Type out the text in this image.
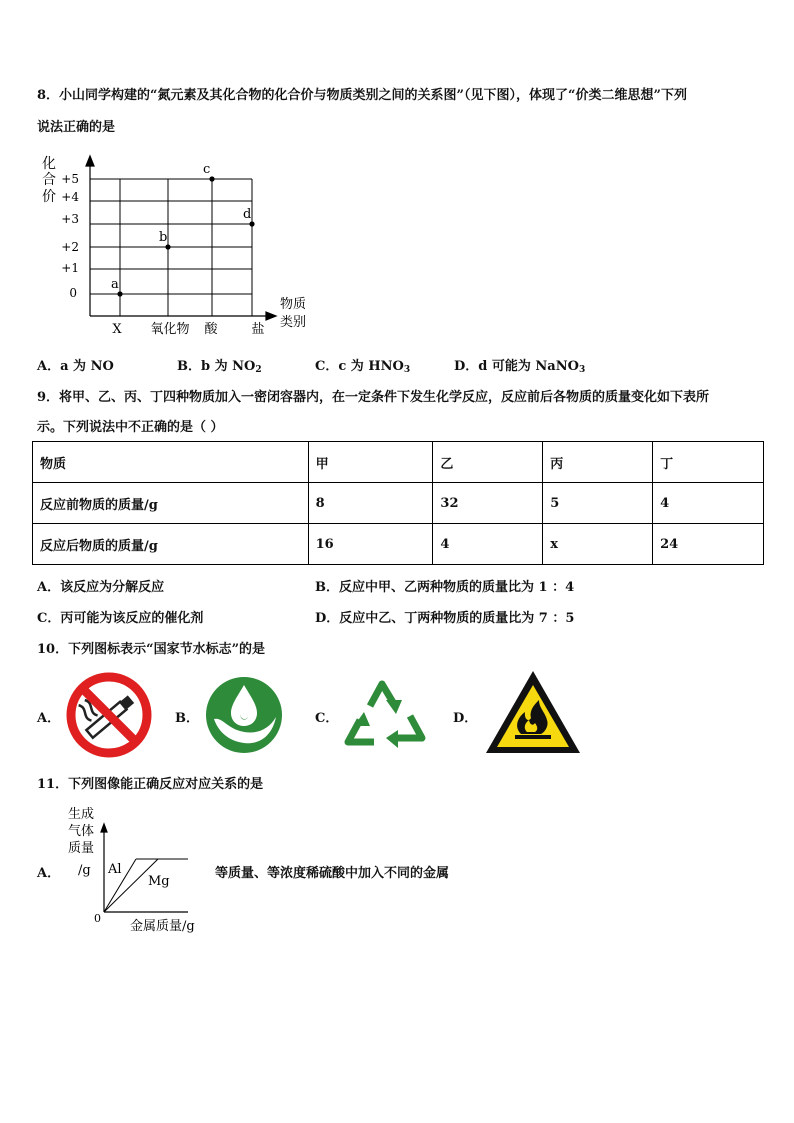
8．小山同学构建的“氮元素及其化合物的化合价与物质类别之间的关系图”（见下图），体现了“价类二维思想”下列
说法正确的是
化
合
价
+5
+4
+3
+2
+1
0
X 氧化物 酸	盐
物质
类别
a
b
c
d
A．a 为 NO	B．b 为 $NO_2$	C．c 为 $HNO_3$	D．d 可能为 NaNO$_3$
9．将甲、乙、丙、丁四种物质加入一密闭容器内，在一定条件下发生化学反应，反应前后各物质的质量变化如下表所
示。下列说法中不正确的是（ ）
物质	甲	乙	丙	丁
反应前物质的质量/g	8	32	5	4
反应后物质的质量/g	16	4	x	24
A．该反应为分解反应	B．反应中甲、乙两种物质的质量比为 1 ：4
C．丙可能为该反应的催化剂	D．反应中乙、丁两种物质的质量比为 7 ：5
10．下列图标表示“国家节水标志”的是
A．	B．	C．	D．
11．下列图像能正确反应对应关系的是
A．
生成
气体
质量
/g Al
Mg
0
金属质量/g
等质量、等浓度稀硫酸中加入不同的金属
